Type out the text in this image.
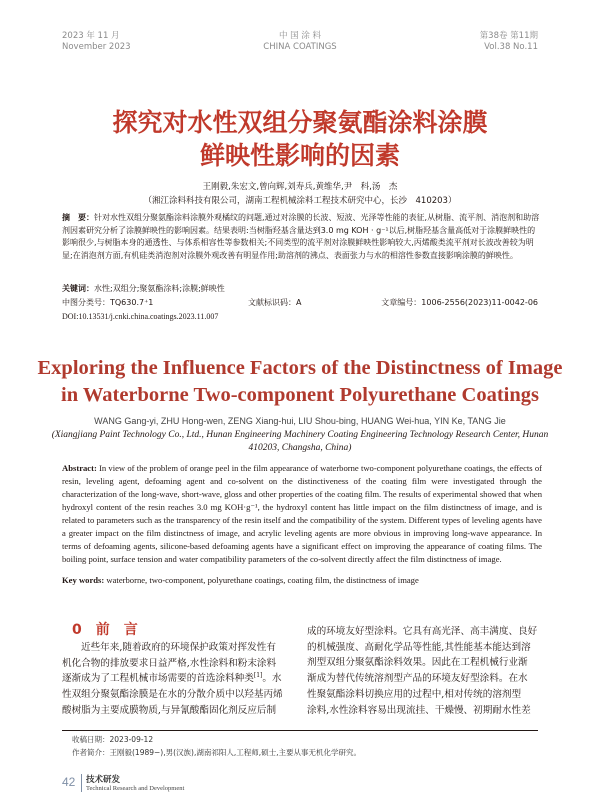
2023 年 11 月
November 2023
中 国 涂 料
CHINA COATINGS
第38卷 第11期
Vol.38 No.11
探究对水性双组分聚氨酯涂料涂膜
鲜映性影响的因素
王刚毅,朱宏文,曾向辉,刘寿兵,黄维华,尹　科,汤　杰
（湘江涂料科技有限公司，湖南工程机械涂料工程技术研究中心，长沙　410203）
摘　要：针对水性双组分聚氨酯涂料涂膜外观橘纹的问题,通过对涂膜的长波、短波、光泽等性能的表征,从树脂、流平剂、消泡剂和助溶剂因素研究分析了涂膜鲜映性的影响因素。结果表明:当树脂羟基含量达到3.0 mg KOH · g⁻¹以后,树脂羟基含量高低对于涂膜鲜映性的影响很少,与树脂本身的通透性、与体系相容性等参数相关;不同类型的流平剂对涂膜鲜映性影响较大,丙烯酸类流平剂对长波改善较为明显;在消泡剂方面,有机硅类消泡剂对涂膜外观改善有明显作用;助溶剂的沸点、表面张力与水的相溶性参数直接影响涂膜的鲜映性。
关键词：水性;双组分;聚氨酯涂料;涂膜;鲜映性
中图分类号：TQ630.7⁺1	文献标识码：A	文章编号：1006-2556(2023)11-0042-06
DOI:10.13531/j.cnki.china.coatings.2023.11.007
Exploring the Influence Factors of the Distinctness of Image
in Waterborne Two-component Polyurethane Coatings
WANG Gang-yi, ZHU Hong-wen, ZENG Xiang-hui, LIU Shou-bing, HUANG Wei-hua, YIN Ke, TANG Jie
(Xiangjiang Paint Technology Co., Ltd., Hunan Engineering Machinery Coating Engineering Technology Research Center, Hunan 410203, Changsha, China)
Abstract: In view of the problem of orange peel in the film appearance of waterborne two-component polyurethane coatings, the effects of resin, leveling agent, defoaming agent and co-solvent on the distinctiveness of the coating film were investigated through the characterization of the long-wave, short-wave, gloss and other properties of the coating film. The results of experimental showed that when hydroxyl content of the resin reaches 3.0 mg KOH·g⁻¹, the hydroxyl content has little impact on the film distinctness of image, and is related to parameters such as the transparency of the resin itself and the compatibility of the system. Different types of leveling agents have a greater impact on the film distinctness of image, and acrylic leveling agents are more obvious in improving long-wave appearance. In terms of defoaming agents, silicone-based defoaming agents have a significant effect on improving the appearance of coating films. The boiling point, surface tension and water compatibility parameters of the co-solvent directly affect the film distinctness of image.
Key words: waterborne, two-component, polyurethane coatings, coating film, the distinctness of image
0　前　言
近些年来,随着政府的环境保护政策对挥发性有
机化合物的排放要求日益严格,水性涂料和粉末涂料
逐渐成为了工程机械市场需要的首选涂料种类[1]。水
性双组分聚氨酯涂膜是在水的分散介质中以羟基丙烯
酸树脂为主要成膜物质,与异氰酸酯固化剂反应后制
成的环境友好型涂料。它具有高光泽、高丰满度、良好
的机械强度、高耐化学品等性能,其性能基本能达到溶
剂型双组分聚氨酯涂料效果。因此在工程机械行业渐
渐成为替代传统溶剂型产品的环境友好型涂料。在水
性聚氨酯涂料切换应用的过程中,相对传统的溶剂型
涂料,水性涂料容易出现流挂、干燥慢、初期耐水性差
收稿日期：2023-09-12
作者简介：王刚毅(1989−),男(汉族),湖南祁阳人,工程师,硕士,主要从事无机化学研究。
42 技术研发
Technical Research and Development
